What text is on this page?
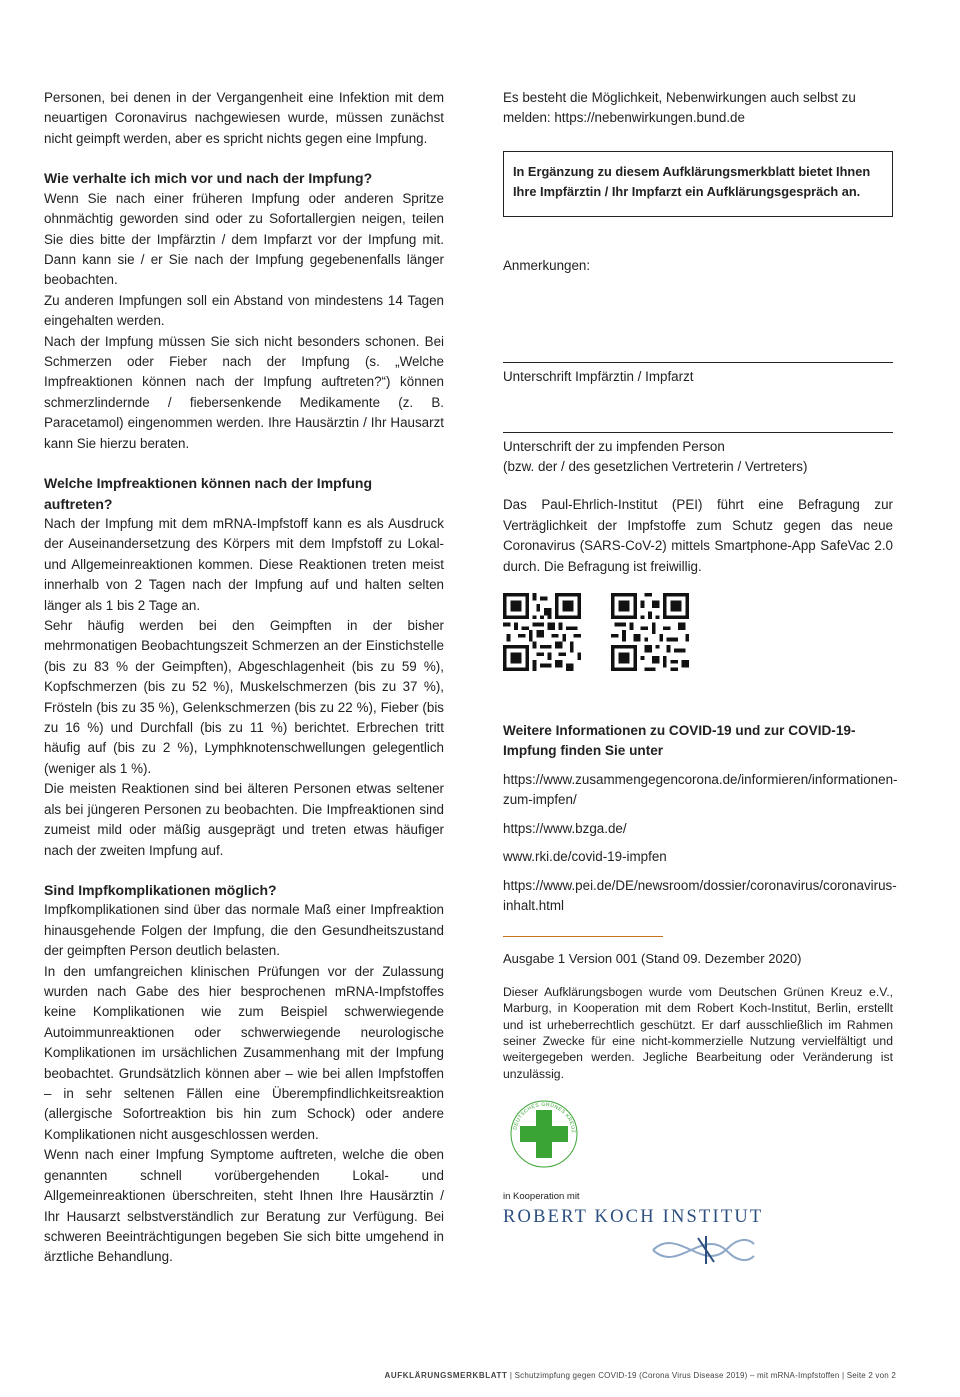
Personen, bei denen in der Vergangenheit eine Infektion mit dem neuartigen Coronavirus nachgewiesen wurde, müssen zunächst nicht geimpft werden, aber es spricht nichts gegen eine Impfung.

Wie verhalte ich mich vor und nach der Impfung?

Wenn Sie nach einer früheren Impfung oder anderen Spritze ohnmächtig geworden sind oder zu Sofortallergien neigen, teilen Sie dies bitte der Impfärztin / dem Impfarzt vor der Impfung mit. Dann kann sie / er Sie nach der Impfung gegebenenfalls länger beobachten.

Zu anderen Impfungen soll ein Abstand von mindestens 14 Tagen eingehalten werden.

Nach der Impfung müssen Sie sich nicht besonders schonen. Bei Schmerzen oder Fieber nach der Impfung (s. „Welche Impfreaktionen können nach der Impfung auftreten?“) können schmerzlindernde / fiebersenkende Medikamente (z. B. Paracetamol) eingenommen werden. Ihre Hausärztin / Ihr Hausarzt kann Sie hierzu beraten.

Welche Impfreaktionen können nach der Impfung auftreten?

Nach der Impfung mit dem mRNA-Impfstoff kann es als Ausdruck der Auseinandersetzung des Körpers mit dem Impfstoff zu Lokal- und Allgemeinreaktionen kommen. Diese Reaktionen treten meist innerhalb von 2 Tagen nach der Impfung auf und halten selten länger als 1 bis 2 Tage an.

Sehr häufig werden bei den Geimpften in der bisher mehrmonatigen Beobachtungszeit Schmerzen an der Einstichstelle (bis zu 83 % der Geimpften), Abgeschlagenheit (bis zu 59 %), Kopfschmerzen (bis zu 52 %), Muskelschmerzen (bis zu 37 %), Frösteln (bis zu 35 %), Gelenkschmerzen (bis zu 22 %), Fieber (bis zu 16 %) und Durchfall (bis zu 11 %) berichtet. Erbrechen tritt häufig auf (bis zu 2 %), Lymphknotenschwellungen gelegentlich (weniger als 1 %).

Die meisten Reaktionen sind bei älteren Personen etwas seltener als bei jüngeren Personen zu beobachten. Die Impfreaktionen sind zumeist mild oder mäßig ausgeprägt und treten etwas häufiger nach der zweiten Impfung auf.

Sind Impfkomplikationen möglich?

Impfkomplikationen sind über das normale Maß einer Impfreaktion hinausgehende Folgen der Impfung, die den Gesundheitszustand der geimpften Person deutlich belasten.

In den umfangreichen klinischen Prüfungen vor der Zulassung wurden nach Gabe des hier besprochenen mRNA-Impfstoffes keine Komplikationen wie zum Beispiel schwerwiegende Autoimmunreaktionen oder schwerwiegende neurologische Komplikationen im ursächlichen Zusammenhang mit der Impfung beobachtet. Grundsätzlich können aber – wie bei allen Impfstoffen – in sehr seltenen Fällen eine Überempfindlichkeitsreaktion (allergische Sofortreaktion bis hin zum Schock) oder andere Komplikationen nicht ausgeschlossen werden.

Wenn nach einer Impfung Symptome auftreten, welche die oben genannten schnell vorübergehenden Lokal- und Allgemeinreaktionen überschreiten, steht Ihnen Ihre Hausärztin / Ihr Hausarzt selbstverständlich zur Beratung zur Verfügung. Bei schweren Beeinträchtigungen begeben Sie sich bitte umgehend in ärztliche Behandlung.

Es besteht die Möglichkeit, Nebenwirkungen auch selbst zu melden: https://nebenwirkungen.bund.de

In Ergänzung zu diesem Aufklärungsmerkblatt bietet Ihnen Ihre Impfärztin / Ihr Impfarzt ein Aufklärungsgespräch an.

Anmerkungen:

Unterschrift Impfärztin / Impfarzt

Unterschrift der zu impfenden Person

(bzw. der / des gesetzlichen Vertreterin / Vertreters)

Das Paul-Ehrlich-Institut (PEI) führt eine Befragung zur Verträglichkeit der Impfstoffe zum Schutz gegen das neue Coronavirus (SARS-CoV-2) mittels Smartphone-App SafeVac 2.0 durch. Die Befragung ist freiwillig.

Weitere Informationen zu COVID-19 und zur COVID-19-Impfung finden Sie unter

https://www.zusammengegencorona.de/informieren/informationen-zum-impfen/

https://www.bzga.de/

www.rki.de/covid-19-impfen

https://www.pei.de/DE/newsroom/dossier/coronavirus/coronavirus-inhalt.html

Ausgabe 1 Version 001 (Stand 09. Dezember 2020)

Dieser Aufklärungsbogen wurde vom Deutschen Grünen Kreuz e.V., Marburg, in Kooperation mit dem Robert Koch-Institut, Berlin, erstellt und ist urheberrechtlich geschützt. Er darf ausschließlich im Rahmen seiner Zwecke für eine nicht-kommerzielle Nutzung vervielfältigt und weitergegeben werden. Jegliche Bearbeitung oder Veränderung ist unzulässig.

DEUTSCHES GRÜNES KREUZ

in Kooperation mit

ROBERT KOCH INSTITUT

AUFKLÄRUNGSMERKBLATT | Schutzimpfung gegen COVID-19 (Corona Virus Disease 2019) – mit mRNA-Impfstoffen | Seite 2 von 2
